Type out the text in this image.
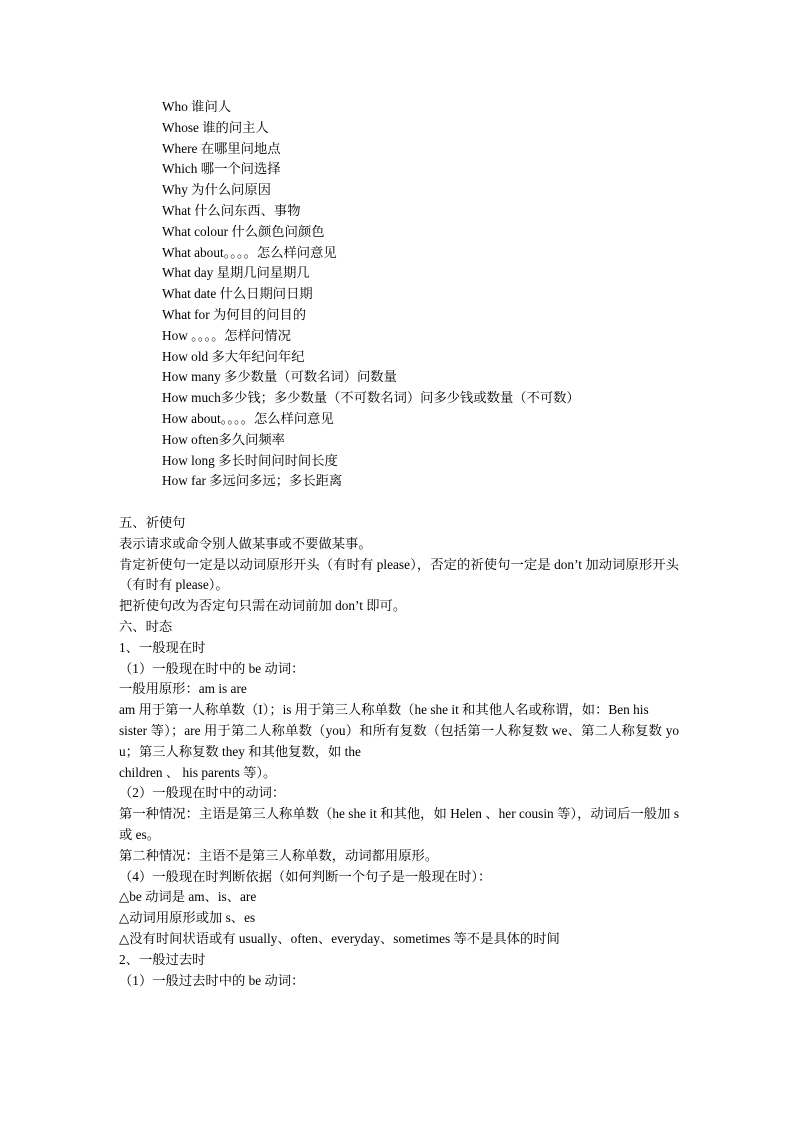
Who 谁问人
Whose 谁的问主人
Where 在哪里问地点
Which 哪一个问选择
Why 为什么问原因
What 什么问东西、事物
What colour 什么颜色问颜色
What about。。。。怎么样问意见
What day 星期几问星期几
What date 什么日期问日期
What for 为何目的问目的
How 。。。。怎样问情况
How old 多大年纪问年纪
How many 多少数量（可数名词）问数量
How much多少钱；多少数量（不可数名词）问多少钱或数量（不可数）
How about。。。。怎么样问意见
How often多久问频率
How long 多长时间问时间长度
How far 多远问多远；多长距离

五、祈使句

表示请求或命令别人做某事或不要做某事。

肯定祈使句一定是以动词原形开头（有时有 please），否定的祈使句一定是 don’t 加动词原形开头（有时有 please）。

把祈使句改为否定句只需在动词前加 don’t 即可。

六、时态

1、一般现在时

（1）一般现在时中的 be 动词：

一般用原形：am is are

am 用于第一人称单数（I）；is 用于第三人称单数（he she it 和其他人名或称谓，如：Ben his

sister 等）；are 用于第二人称单数（you）和所有复数（包括第一人称复数 we、第二人称复数 you；第三人称复数 they 和其他复数，如 the

children 、 his parents 等）。

（2）一般现在时中的动词：

第一种情况：主语是第三人称单数（he she it 和其他，如 Helen 、her cousin 等），动词后一般加 s 或 es。

第二种情况：主语不是第三人称单数，动词都用原形。

（4）一般现在时判断依据（如何判断一个句子是一般现在时）：

△be 动词是 am、is、are

△动词用原形或加 s、es

△没有时间状语或有 usually、often、everyday、sometimes 等不是具体的时间

2、一般过去时

（1）一般过去时中的 be 动词：
